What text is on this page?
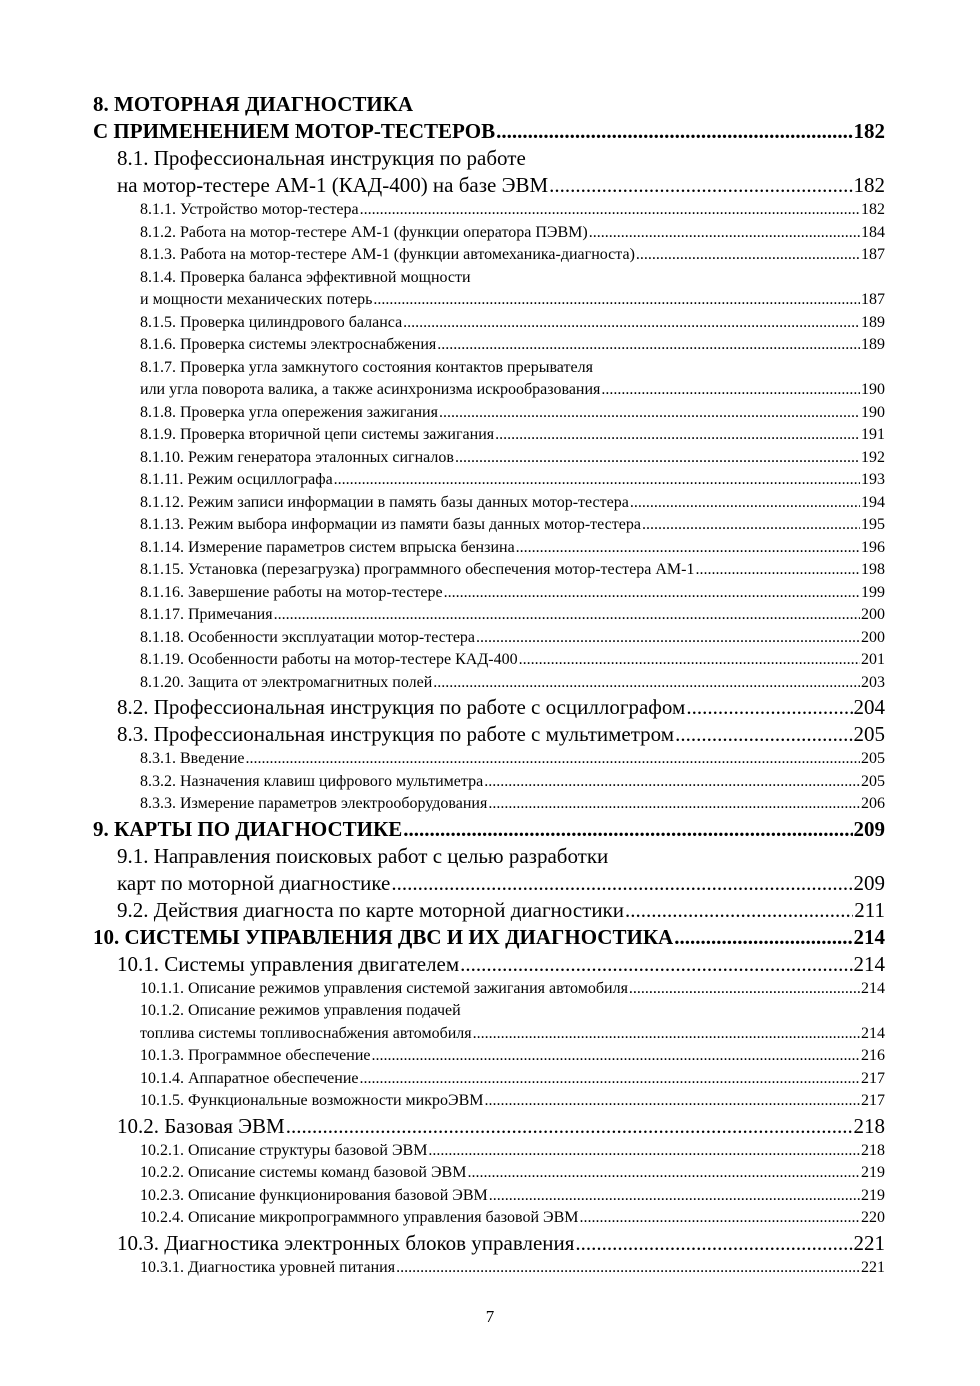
8. МОТОРНАЯ ДИАГНОСТИКА
С ПРИМЕНЕНИЕМ МОТОР-ТЕСТЕРОВ .....	182
8.1. Профессиональная инструкция по работе
на мотор-тестере АМ-1 (КАД-400) на базе ЭВМ .....	182
8.1.1. Устройство мотор-тестера .....	182
8.1.2. Работа на мотор-тестере АМ-1 (функции оператора ПЭВМ) .....	184
8.1.3. Работа на мотор-тестере АМ-1 (функции автомеханика-диагноста) .....	187
8.1.4. Проверка баланса эффективной мощности
и мощности механических потерь .....	187
8.1.5. Проверка цилиндрового баланса .....	189
8.1.6. Проверка системы электроснабжения .....	189
8.1.7. Проверка угла замкнутого состояния контактов прерывателя
или угла поворота валика, а также асинхронизма искрообразования .....	190
8.1.8. Проверка угла опережения зажигания .....	190
8.1.9. Проверка вторичной цепи системы зажигания .....	191
8.1.10. Режим генератора эталонных сигналов .....	192
8.1.11. Режим осциллографа .....	193
8.1.12. Режим записи информации в память базы данных мотор-тестера .....	194
8.1.13. Режим выбора информации из памяти базы данных мотор-тестера .....	195
8.1.14. Измерение параметров систем впрыска бензина .....	196
8.1.15. Установка (перезагрузка) программного обеспечения мотор-тестера АМ-1 .....	198
8.1.16. Завершение работы на мотор-тестере .....	199
8.1.17. Примечания .....	200
8.1.18. Особенности эксплуатации мотор-тестера .....	200
8.1.19. Особенности работы на мотор-тестере КАД-400 .....	201
8.1.20. Защита от электромагнитных полей .....	203
8.2. Профессиональная инструкция по работе с осциллографом .....	204
8.3. Профессиональная инструкция по работе с мультиметром .....	205
8.3.1. Введение .....	205
8.3.2. Назначения клавиш цифрового мультиметра .....	205
8.3.3. Измерение параметров электрооборудования .....	206
9. КАРТЫ ПО ДИАГНОСТИКЕ .....	209
9.1. Направления поисковых работ с целью разработки
карт по моторной диагностике .....	209
9.2. Действия диагноста по карте моторной диагностики .....	211
10. СИСТЕМЫ УПРАВЛЕНИЯ ДВС И ИХ ДИАГНОСТИКА .....	214
10.1. Системы управления двигателем .....	214
10.1.1. Описание режимов управления системой зажигания автомобиля .....	214
10.1.2. Описание режимов управления подачей
топлива системы топливоснабжения автомобиля .....	214
10.1.3. Программное обеспечение .....	216
10.1.4. Аппаратное обеспечение .....	217
10.1.5. Функциональные возможности микроЭВМ .....	217
10.2. Базовая ЭВМ .....	218
10.2.1. Описание структуры базовой ЭВМ .....	218
10.2.2. Описание системы команд базовой ЭВМ .....	219
10.2.3. Описание функционирования базовой ЭВМ .....	219
10.2.4. Описание микропрограммного управления базовой ЭВМ .....	220
10.3. Диагностика электронных блоков управления .....	221
10.3.1. Диагностика уровней питания .....	221
7
